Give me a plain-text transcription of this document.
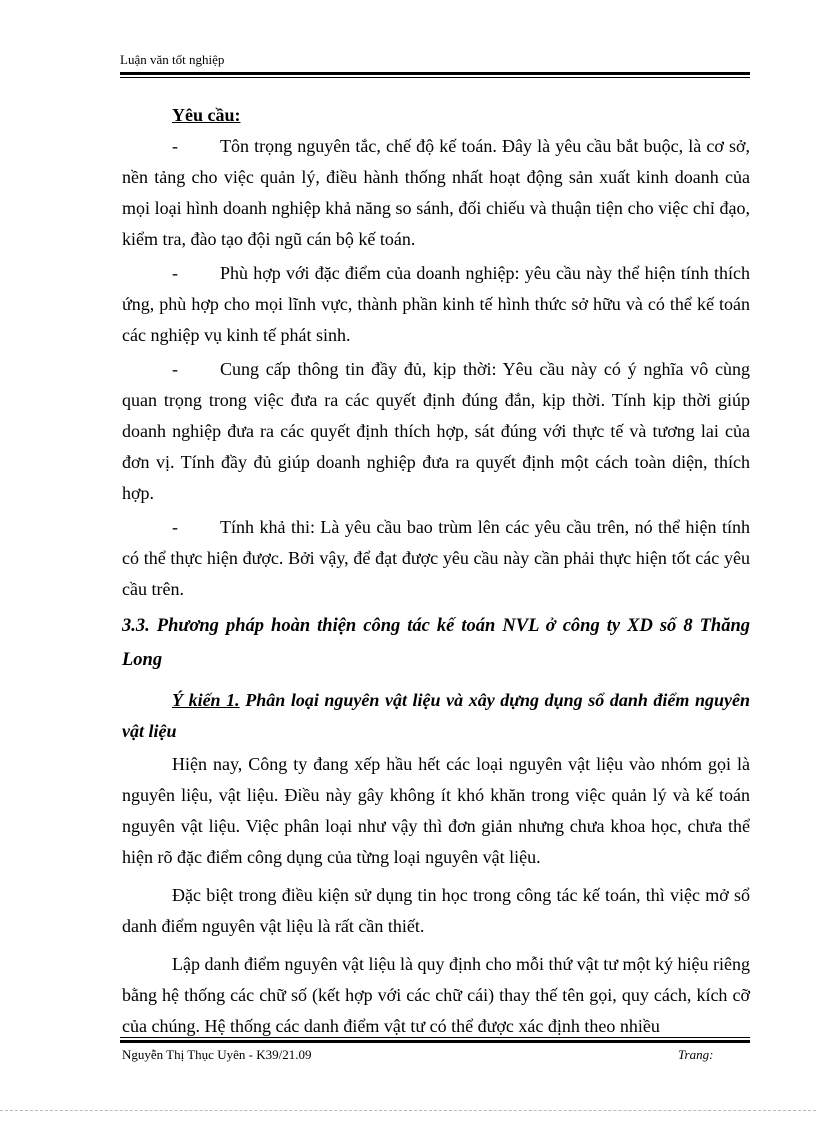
Luận văn tốt nghiệp

Yêu cầu:

- Tôn trọng nguyên tắc, chế độ kế toán. Đây là yêu cầu bắt buộc, là cơ sở, nền tảng cho việc quản lý, điều hành thống nhất hoạt động sản xuất kinh doanh của mọi loại hình doanh nghiệp khả năng so sánh, đối chiếu và thuận tiện cho việc chỉ đạo, kiểm tra, đào tạo đội ngũ cán bộ kế toán.

- Phù hợp với đặc điểm của doanh nghiệp: yêu cầu này thể hiện tính thích ứng, phù hợp cho mọi lĩnh vực, thành phần kinh tế hình thức sở hữu và có thể kế toán các nghiệp vụ kinh tế phát sinh.

- Cung cấp thông tin đầy đủ, kịp thời: Yêu cầu này có ý nghĩa vô cùng quan trọng trong việc đưa ra các quyết định đúng đắn, kịp thời. Tính kịp thời giúp doanh nghiệp đưa ra các quyết định thích hợp, sát đúng với thực tế và tương lai của đơn vị. Tính đầy đủ giúp doanh nghiệp đưa ra quyết định một cách toàn diện, thích hợp.

- Tính khả thi: Là yêu cầu bao trùm lên các yêu cầu trên, nó thể hiện tính có thể thực hiện được. Bởi vậy, để đạt được yêu cầu này cần phải thực hiện tốt các yêu cầu trên.

3.3. Phương pháp hoàn thiện công tác kế toán NVL ở công ty XD số 8 Thăng Long

Ý kiến 1. Phân loại nguyên vật liệu và xây dựng dụng sổ danh điểm nguyên vật liệu

Hiện nay, Công ty đang xếp hầu hết các loại nguyên vật liệu vào nhóm gọi là nguyên liệu, vật liệu. Điều này gây không ít khó khăn trong việc quản lý và kế toán nguyên vật liệu. Việc phân loại như vậy thì đơn giản nhưng chưa khoa học, chưa thể hiện rõ đặc điểm công dụng của từng loại nguyên vật liệu.

Đặc biệt trong điều kiện sử dụng tin học trong công tác kế toán, thì việc mở sổ danh điểm nguyên vật liệu là rất cần thiết.

Lập danh điểm nguyên vật liệu là quy định cho mỗi thứ vật tư một ký hiệu riêng bằng hệ thống các chữ số (kết hợp với các chữ cái) thay thế tên gọi, quy cách, kích cỡ của chúng. Hệ thống các danh điểm vật tư có thể được xác định theo nhiều

Nguyễn Thị Thục Uyên - K39/21.09	Trang:
